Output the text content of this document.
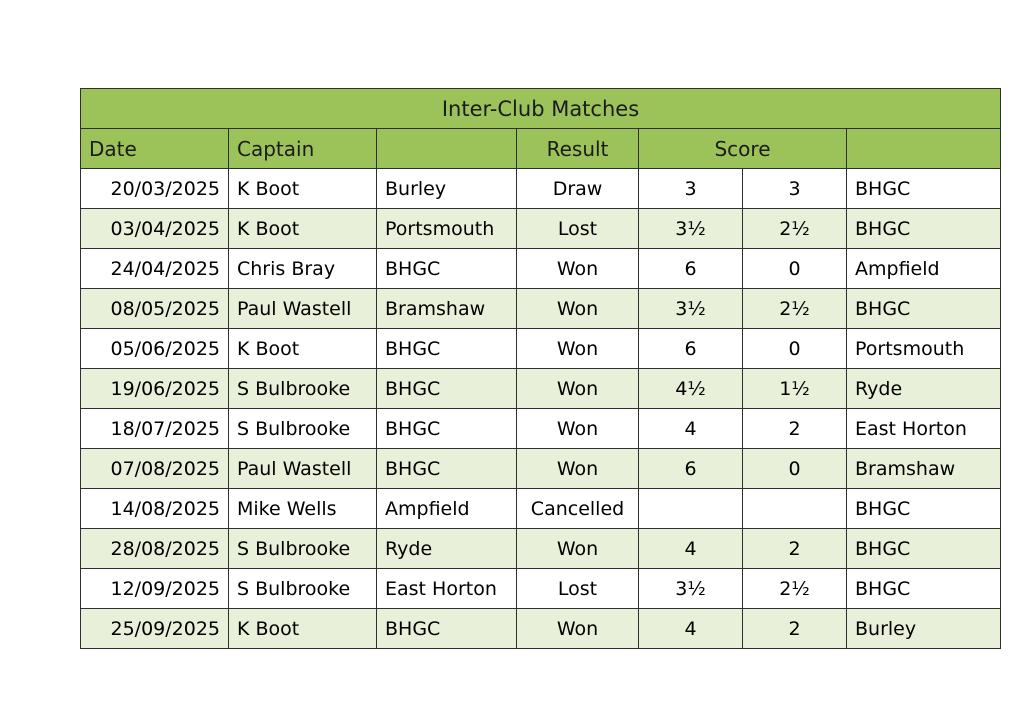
Inter-Club Matches						
Date	Captain		Result	Score		
20/03/2025	K Boot	Burley	Draw	3	3	BHGC
03/04/2025	K Boot	Portsmouth	Lost	3½	2½	BHGC
24/04/2025	Chris Bray	BHGC	Won	6	0	Ampfield
08/05/2025	Paul Wastell	Bramshaw	Won	3½	2½	BHGC
05/06/2025	K Boot	BHGC	Won	6	0	Portsmouth
19/06/2025	S Bulbrooke	BHGC	Won	4½	1½	Ryde
18/07/2025	S Bulbrooke	BHGC	Won	4	2	East Horton
07/08/2025	Paul Wastell	BHGC	Won	6	0	Bramshaw
14/08/2025	Mike Wells	Ampfield	Cancelled			BHGC
28/08/2025	S Bulbrooke	Ryde	Won	4	2	BHGC
12/09/2025	S Bulbrooke	East Horton	Lost	3½	2½	BHGC
25/09/2025	K Boot	BHGC	Won	4	2	Burley
